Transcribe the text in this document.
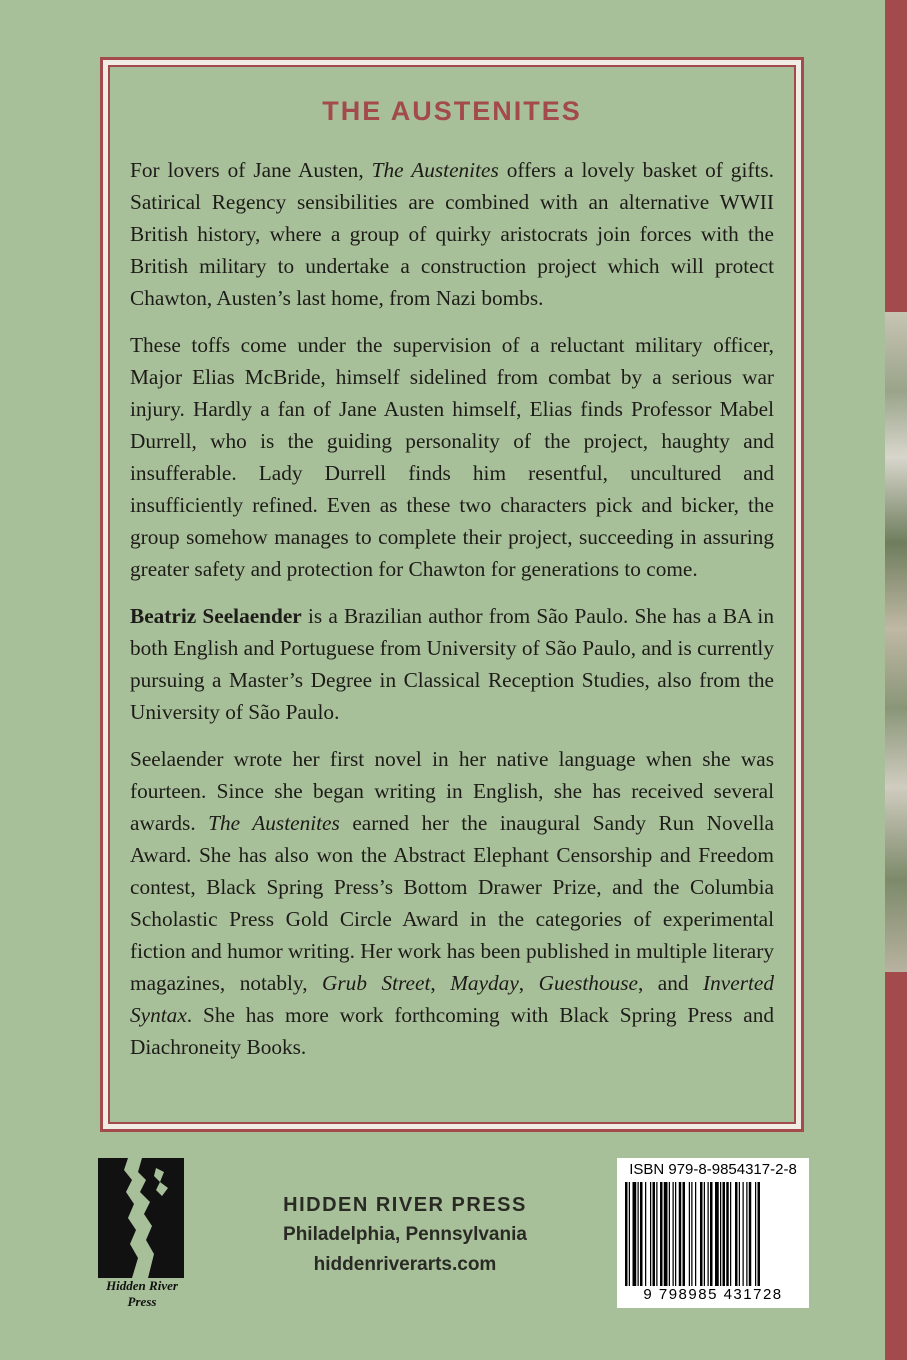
THE AUSTENITES

For lovers of Jane Austen, The Austenites offers a lovely basket of gifts. Satirical Regency sensibilities are combined with an alternative WWII British history, where a group of quirky aristocrats join forces with the British military to undertake a construction project which will protect Chawton, Austen’s last home, from Nazi bombs.

These toffs come under the supervision of a reluctant military officer, Major Elias McBride, himself sidelined from combat by a serious war injury. Hardly a fan of Jane Austen himself, Elias finds Professor Mabel Durrell, who is the guiding personality of the project, haughty and insufferable. Lady Durrell finds him resentful, uncultured and insufficiently refined. Even as these two characters pick and bicker, the group somehow manages to complete their project, succeeding in assuring greater safety and protection for Chawton for generations to come.

Beatriz Seelaender is a Brazilian author from São Paulo. She has a BA in both English and Portuguese from University of São Paulo, and is currently pursuing a Master’s Degree in Classical Reception Studies, also from the University of São Paulo.

Seelaender wrote her first novel in her native language when she was fourteen. Since she began writing in English, she has received several awards. The Austenites earned her the inaugural Sandy Run Novella Award. She has also won the Abstract Elephant Censorship and Freedom contest, Black Spring Press’s Bottom Drawer Prize, and the Columbia Scholastic Press Gold Circle Award in the categories of experimental fiction and humor writing. Her work has been published in multiple literary magazines, notably, Grub Street, Mayday, Guesthouse, and Inverted Syntax. She has more work forthcoming with Black Spring Press and Diachroneity Books.

Hidden River
Press
HIDDEN RIVER PRESS
Philadelphia, Pennsylvania
hiddenriverarts.com
ISBN 979-8-9854317-2-8
9 798985 431728
